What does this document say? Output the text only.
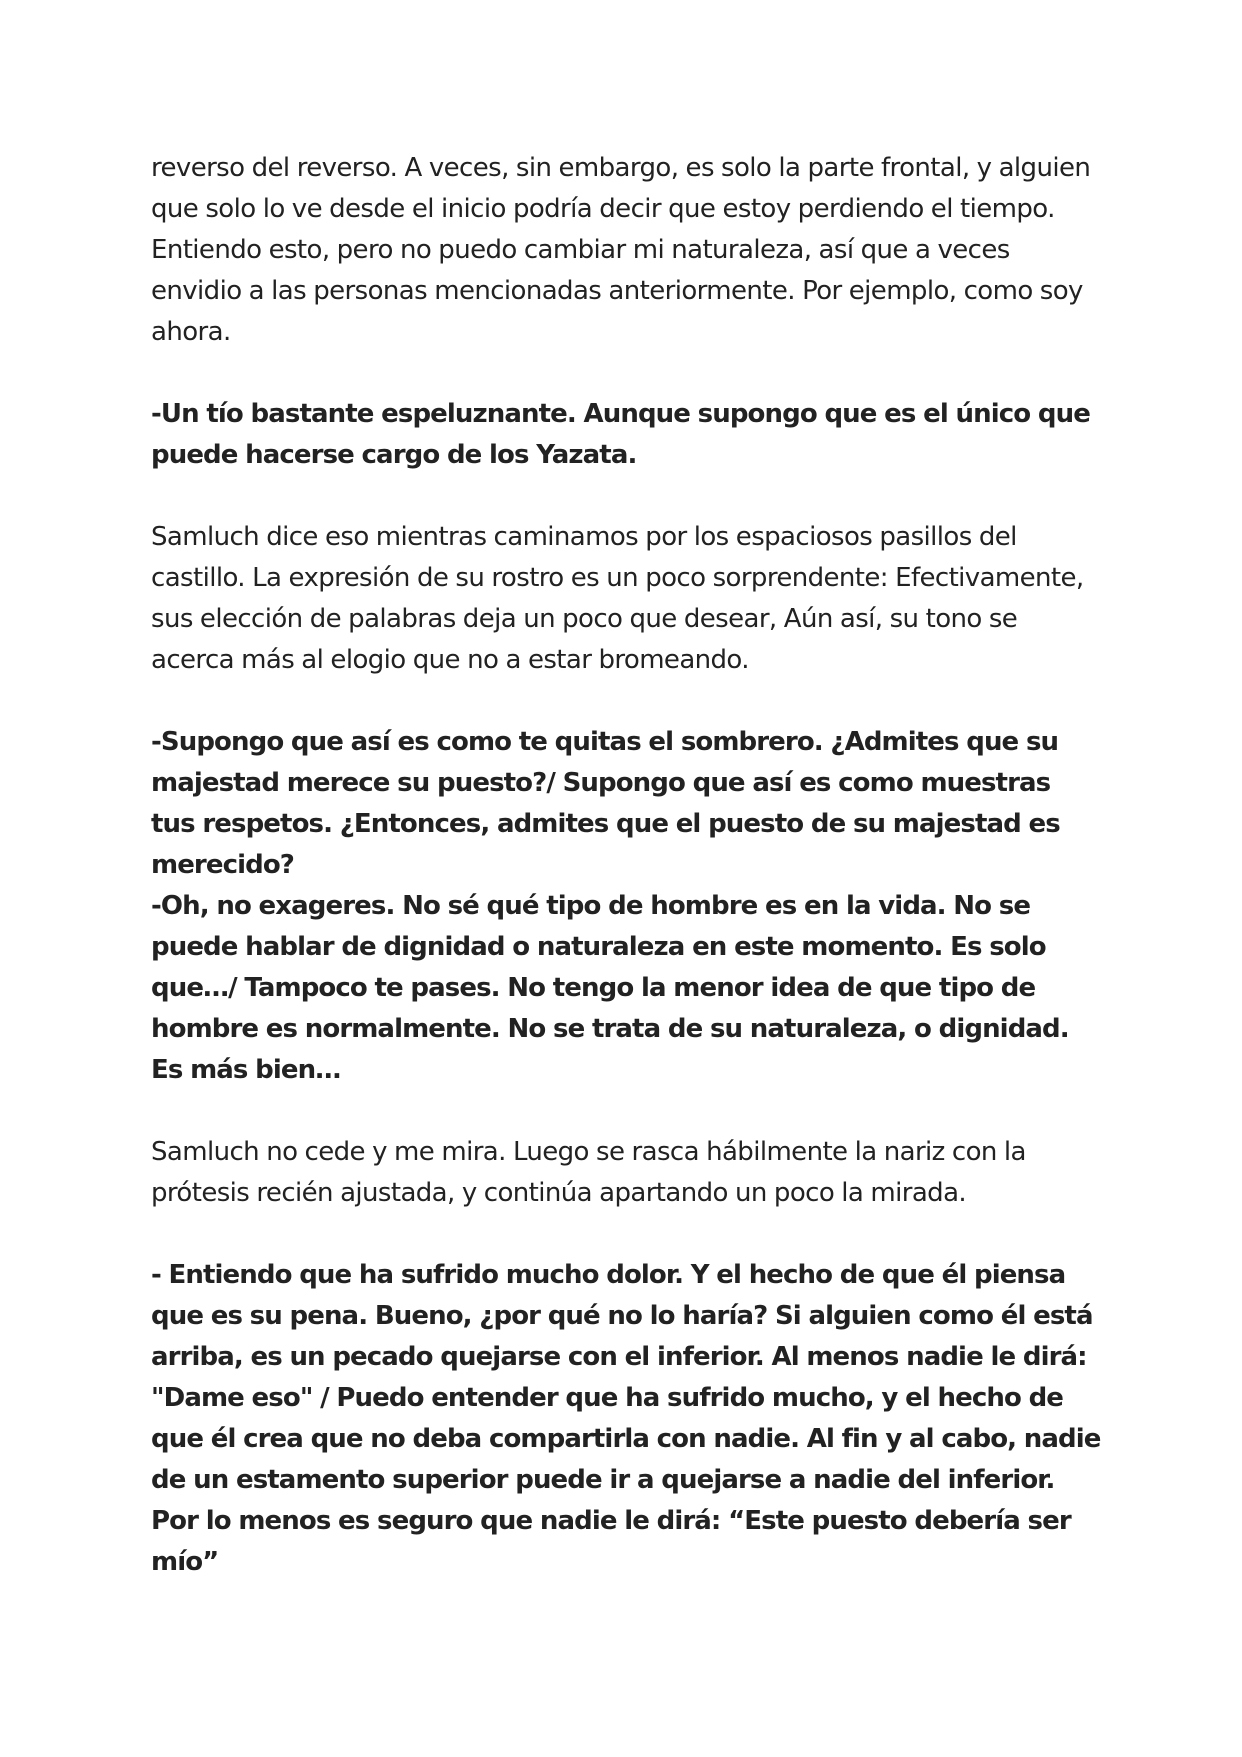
reverso del reverso. A veces, sin embargo, es solo la parte frontal, y alguien que solo lo ve desde el inicio podría decir que estoy perdiendo el tiempo. Entiendo esto, pero no puedo cambiar mi naturaleza, así que a veces envidio a las personas mencionadas anteriormente. Por ejemplo, como soy ahora.

-Un tío bastante espeluznante. Aunque supongo que es el único que puede hacerse cargo de los Yazata.

Samluch dice eso mientras caminamos por los espaciosos pasillos del castillo. La expresión de su rostro es un poco sorprendente: Efectivamente, sus elección de palabras deja un poco que desear, Aún así, su tono se acerca más al elogio que no a estar bromeando.

-Supongo que así es como te quitas el sombrero. ¿Admites que su majestad merece su puesto?/ Supongo que así es como muestras tus respetos. ¿Entonces, admites que el puesto de su majestad es merecido?

-Oh, no exageres. No sé qué tipo de hombre es en la vida. No se puede hablar de dignidad o naturaleza en este momento. Es solo que…/ Tampoco te pases. No tengo la menor idea de que tipo de hombre es normalmente. No se trata de su naturaleza, o dignidad. Es más bien…

Samluch no cede y me mira. Luego se rasca hábilmente la nariz con la prótesis recién ajustada, y continúa apartando un poco la mirada.

- Entiendo que ha sufrido mucho dolor. Y el hecho de que él piensa que es su pena. Bueno, ¿por qué no lo haría? Si alguien como él está arriba, es un pecado quejarse con el inferior. Al menos nadie le dirá: "Dame eso" / Puedo entender que ha sufrido mucho, y el hecho de que él crea que no deba compartirla con nadie. Al fin y al cabo, nadie de un estamento superior puede ir a quejarse a nadie del inferior. Por lo menos es seguro que nadie le dirá: “Este puesto debería ser mío”
